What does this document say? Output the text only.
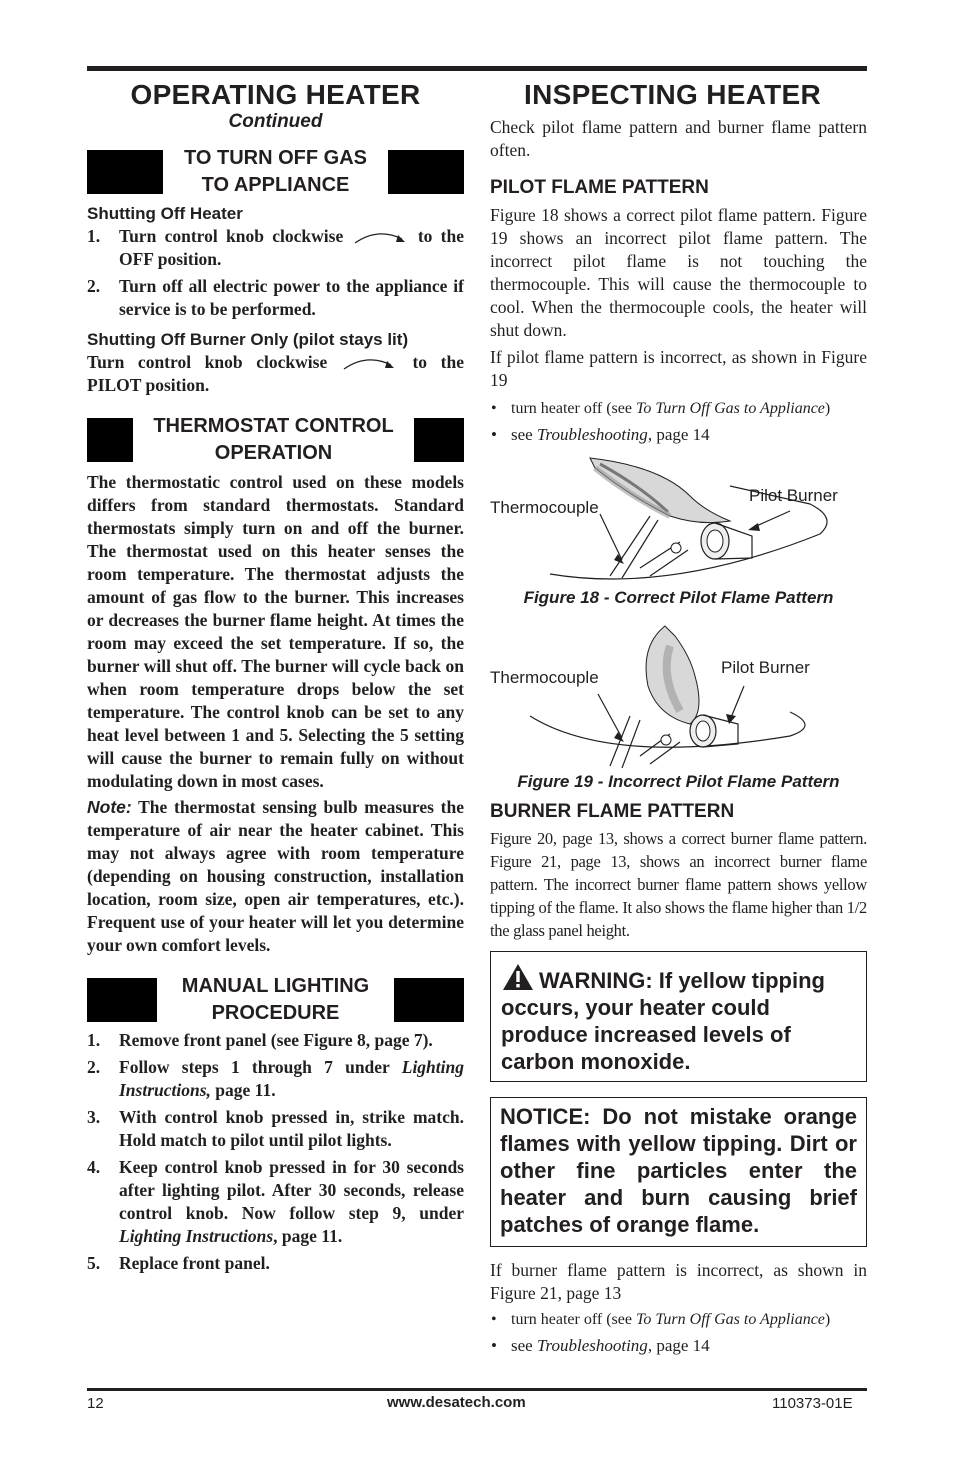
OPERATING HEATER
Continued
TO TURN OFF GAS
TO APPLIANCE
Shutting Off Heater
1. Turn control knob clockwise	to the OFF position.
2. Turn off all electric power to the appliance if service is to be performed.
Shutting Off Burner Only (pilot stays lit)
Turn control knob clockwise	to the PILOT position.
THERMOSTAT CONTROL
OPERATION
The thermostatic control used on these models differs from standard thermostats. Standard thermostats simply turn on and off the burner. The thermostat used on this heater senses the room temperature. The thermostat adjusts the amount of gas flow to the burner. This increases or decreases the burner flame height. At times the room may exceed the set temperature. If so, the burner will shut off. The burner will cycle back on when room temperature drops below the set temperature. The control knob can be set to any heat level between 1 and 5. Selecting the 5 setting will cause the burner to remain fully on without modulating down in most cases.
Note: The thermostat sensing bulb measures the temperature of air near the heater cabinet. This may not always agree with room temperature (depending on housing construction, installation location, room size, open air temperatures, etc.). Frequent use of your heater will let you determine your own comfort levels.
MANUAL LIGHTING
PROCEDURE
1. Remove front panel (see Figure 8, page 7).
2. Follow steps 1 through 7 under Lighting Instructions, page 11.
3. With control knob pressed in, strike match. Hold match to pilot until pilot lights.
4. Keep control knob pressed in for 30 seconds after lighting pilot. After 30 seconds, release control knob. Now follow step 9, under Lighting Instructions, page 11.
5. Replace front panel.
INSPECTING HEATER
Check pilot flame pattern and burner flame pattern often.
PILOT FLAME PATTERN
Figure 18 shows a correct pilot flame pattern. Figure 19 shows an incorrect pilot flame pattern. The incorrect pilot flame is not touching the thermocouple. This will cause the thermocouple to cool. When the thermocouple cools, the heater will shut down.
If pilot flame pattern is incorrect, as shown in Figure 19
• turn heater off (see To Turn Off Gas to Appliance)
• see Troubleshooting, page 14
Thermocouple
Pilot Burner
Figure 18 - Correct Pilot Flame Pattern
Thermocouple
Pilot Burner
Figure 19 - Incorrect Pilot Flame Pattern
BURNER FLAME PATTERN
Figure 20, page 13, shows a correct burner flame pattern. Figure 21, page 13, shows an incorrect burner flame pattern. The incorrect burner flame pattern shows yellow tipping of the flame. It also shows the flame higher than 1/2 the glass panel height.
WARNING: If yellow tipping occurs, your heater could produce increased levels of carbon monoxide.
NOTICE: Do not mistake orange flames with yellow tipping. Dirt or other fine particles enter the heater and burn causing brief patches of orange flame.
If burner flame pattern is incorrect, as shown in Figure 21, page 13
• turn heater off (see To Turn Off Gas to Appliance)
• see Troubleshooting, page 14
12	www.desatech.com	110373-01E
